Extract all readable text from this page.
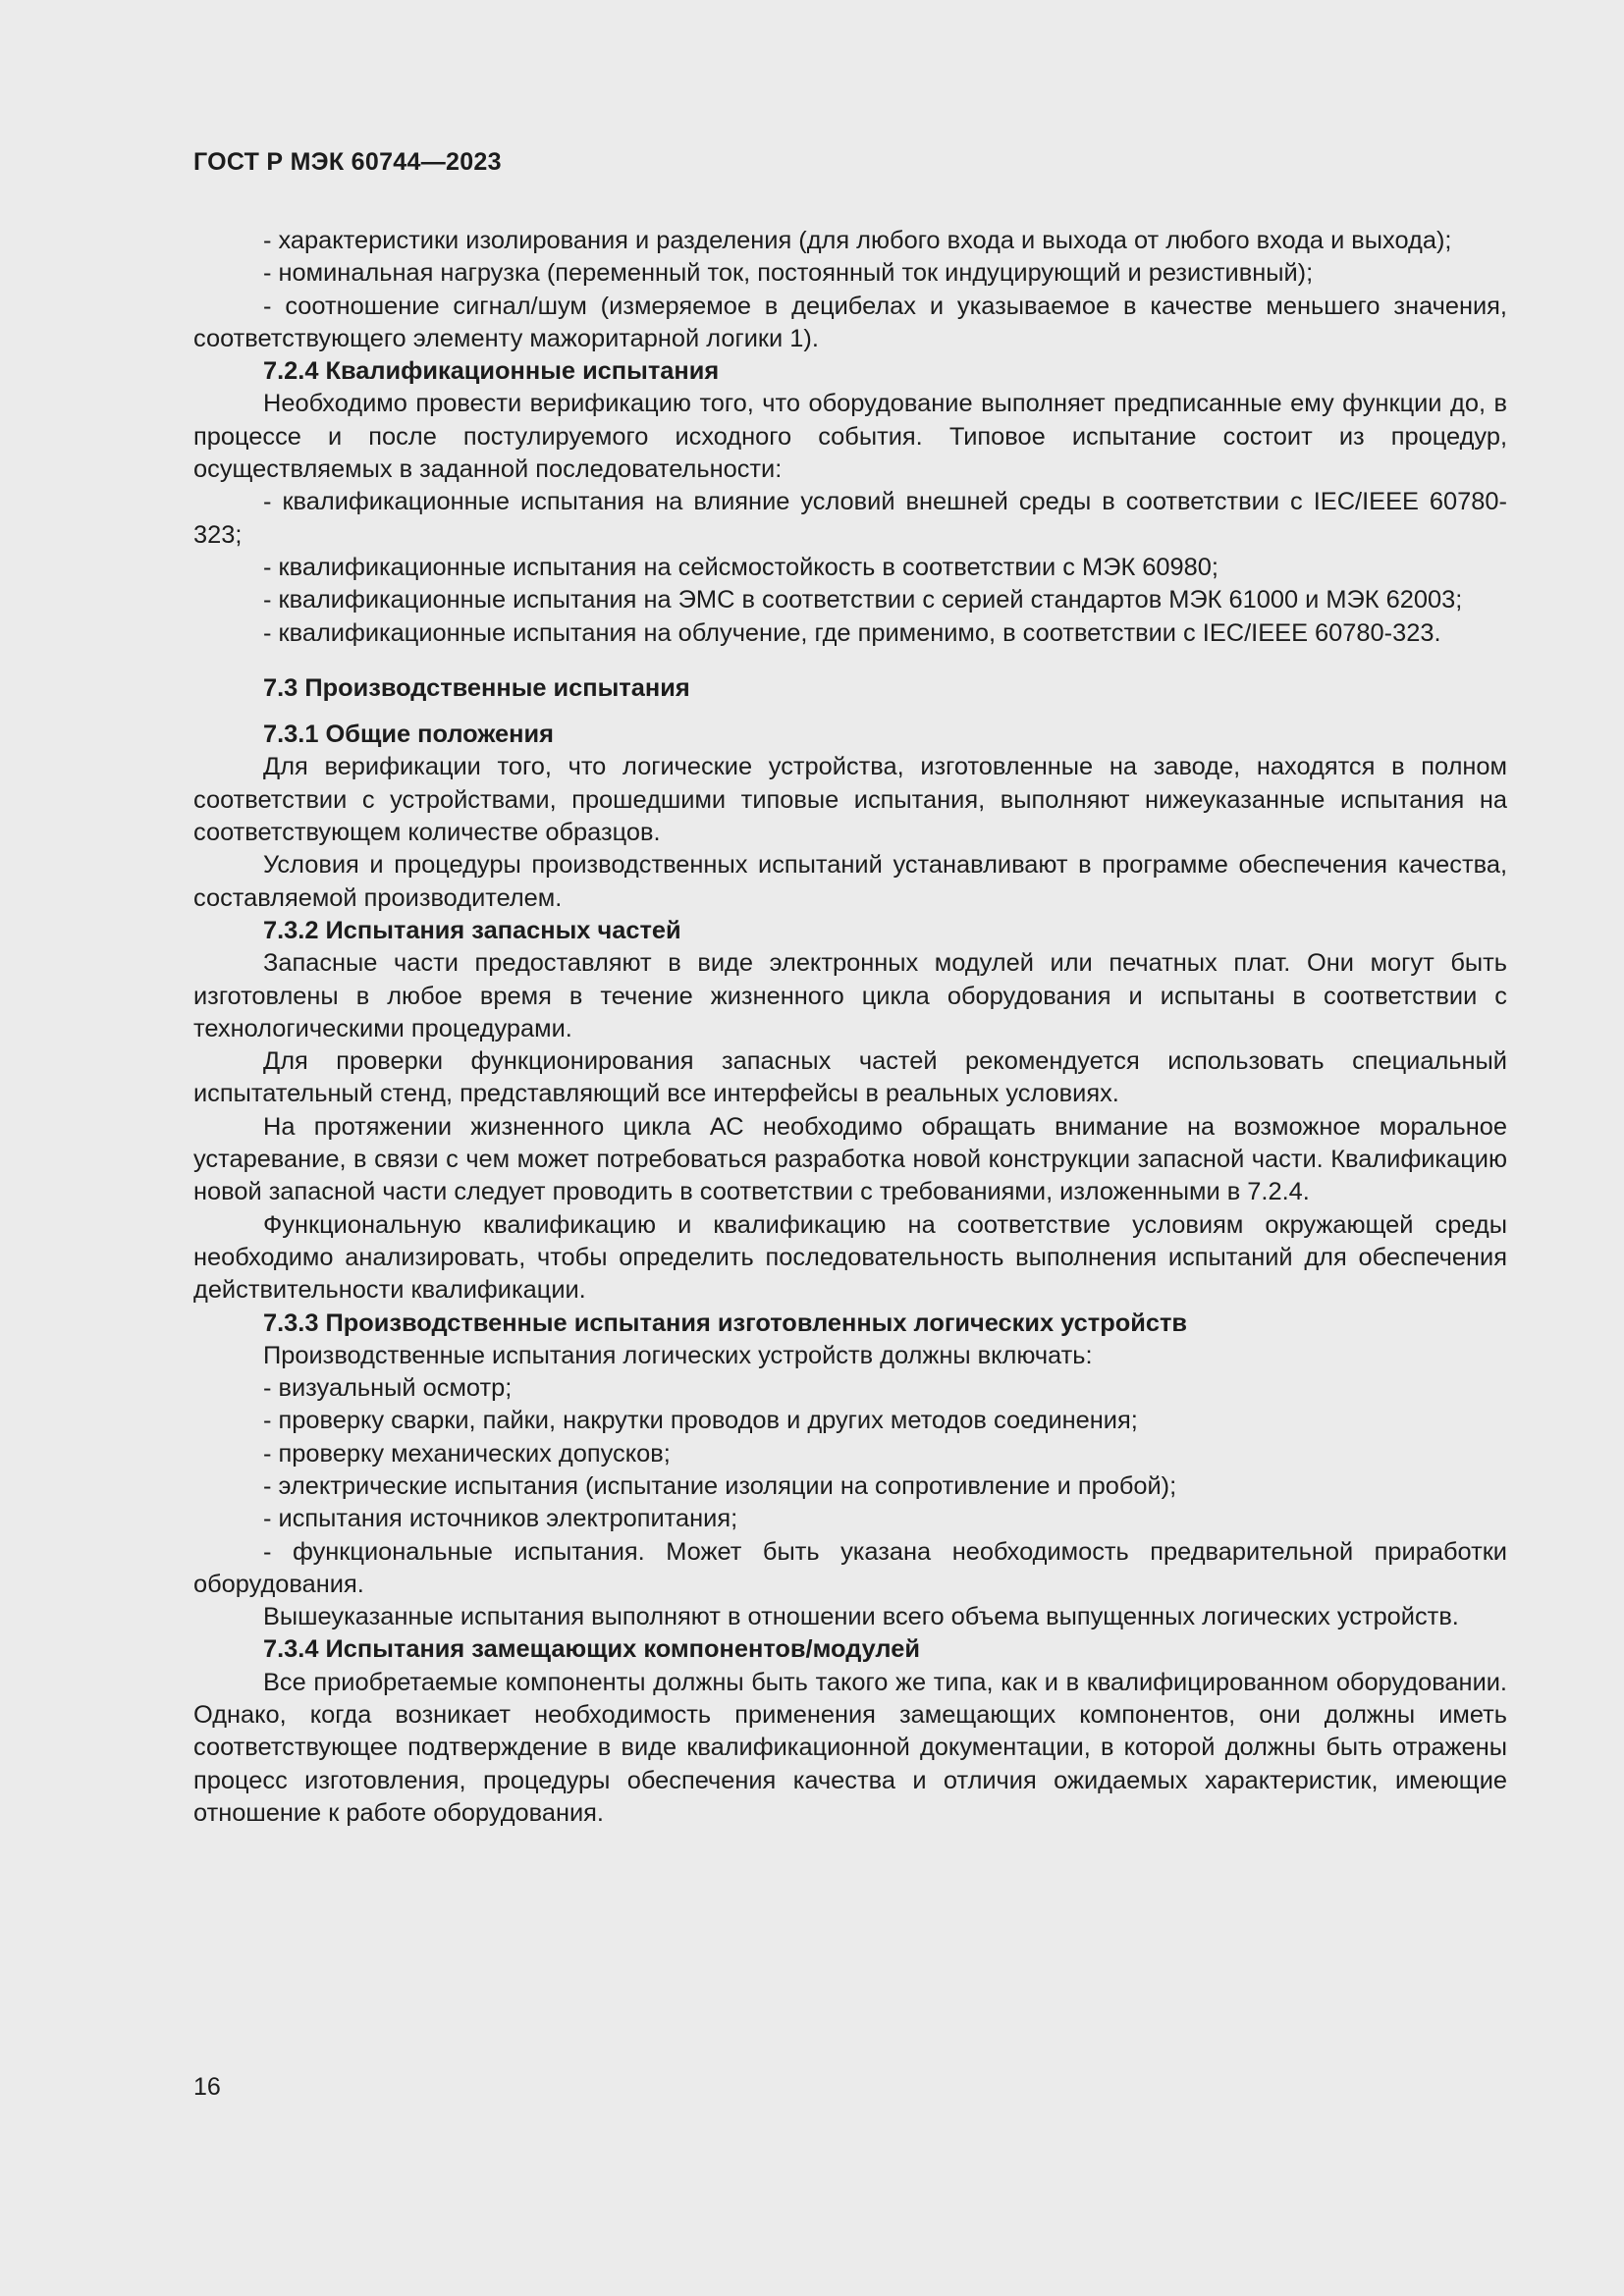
ГОСТ Р МЭК 60744—2023

- характеристики изолирования и разделения (для любого входа и выхода от любого входа и выхода);

- номинальная нагрузка (переменный ток, постоянный ток индуцирующий и резистивный);

- соотношение сигнал/шум (измеряемое в децибелах и указываемое в качестве меньшего значения, соответствующего элементу мажоритарной логики 1).

7.2.4 Квалификационные испытания

Необходимо провести верификацию того, что оборудование выполняет предписанные ему функции до, в процессе и после постулируемого исходного события. Типовое испытание состоит из процедур, осуществляемых в заданной последовательности:

- квалификационные испытания на влияние условий внешней среды в соответствии с IEC/IEEE 60780-323;

- квалификационные испытания на сейсмостойкость в соответствии с МЭК 60980;

- квалификационные испытания на ЭМС в соответствии с серией стандартов МЭК 61000 и МЭК 62003;

- квалификационные испытания на облучение, где применимо, в соответствии с IEC/IEEE 60780-323.

7.3 Производственные испытания

7.3.1 Общие положения

Для верификации того, что логические устройства, изготовленные на заводе, находятся в полном соответствии с устройствами, прошедшими типовые испытания, выполняют нижеуказанные испытания на соответствующем количестве образцов.

Условия и процедуры производственных испытаний устанавливают в программе обеспечения качества, составляемой производителем.

7.3.2 Испытания запасных частей

Запасные части предоставляют в виде электронных модулей или печатных плат. Они могут быть изготовлены в любое время в течение жизненного цикла оборудования и испытаны в соответствии с технологическими процедурами.

Для проверки функционирования запасных частей рекомендуется использовать специальный испытательный стенд, представляющий все интерфейсы в реальных условиях.

На протяжении жизненного цикла АС необходимо обращать внимание на возможное моральное устаревание, в связи с чем может потребоваться разработка новой конструкции запасной части. Квалификацию новой запасной части следует проводить в соответствии с требованиями, изложенными в 7.2.4.

Функциональную квалификацию и квалификацию на соответствие условиям окружающей среды необходимо анализировать, чтобы определить последовательность выполнения испытаний для обеспечения действительности квалификации.

7.3.3 Производственные испытания изготовленных логических устройств

Производственные испытания логических устройств должны включать:

- визуальный осмотр;

- проверку сварки, пайки, накрутки проводов и других методов соединения;

- проверку механических допусков;

- электрические испытания (испытание изоляции на сопротивление и пробой);

- испытания источников электропитания;

- функциональные испытания. Может быть указана необходимость предварительной приработки оборудования.

Вышеуказанные испытания выполняют в отношении всего объема выпущенных логических устройств.

7.3.4 Испытания замещающих компонентов/модулей

Все приобретаемые компоненты должны быть такого же типа, как и в квалифицированном оборудовании. Однако, когда возникает необходимость применения замещающих компонентов, они должны иметь соответствующее подтверждение в виде квалификационной документации, в которой должны быть отражены процесс изготовления, процедуры обеспечения качества и отличия ожидаемых характеристик, имеющие отношение к работе оборудования.

16
